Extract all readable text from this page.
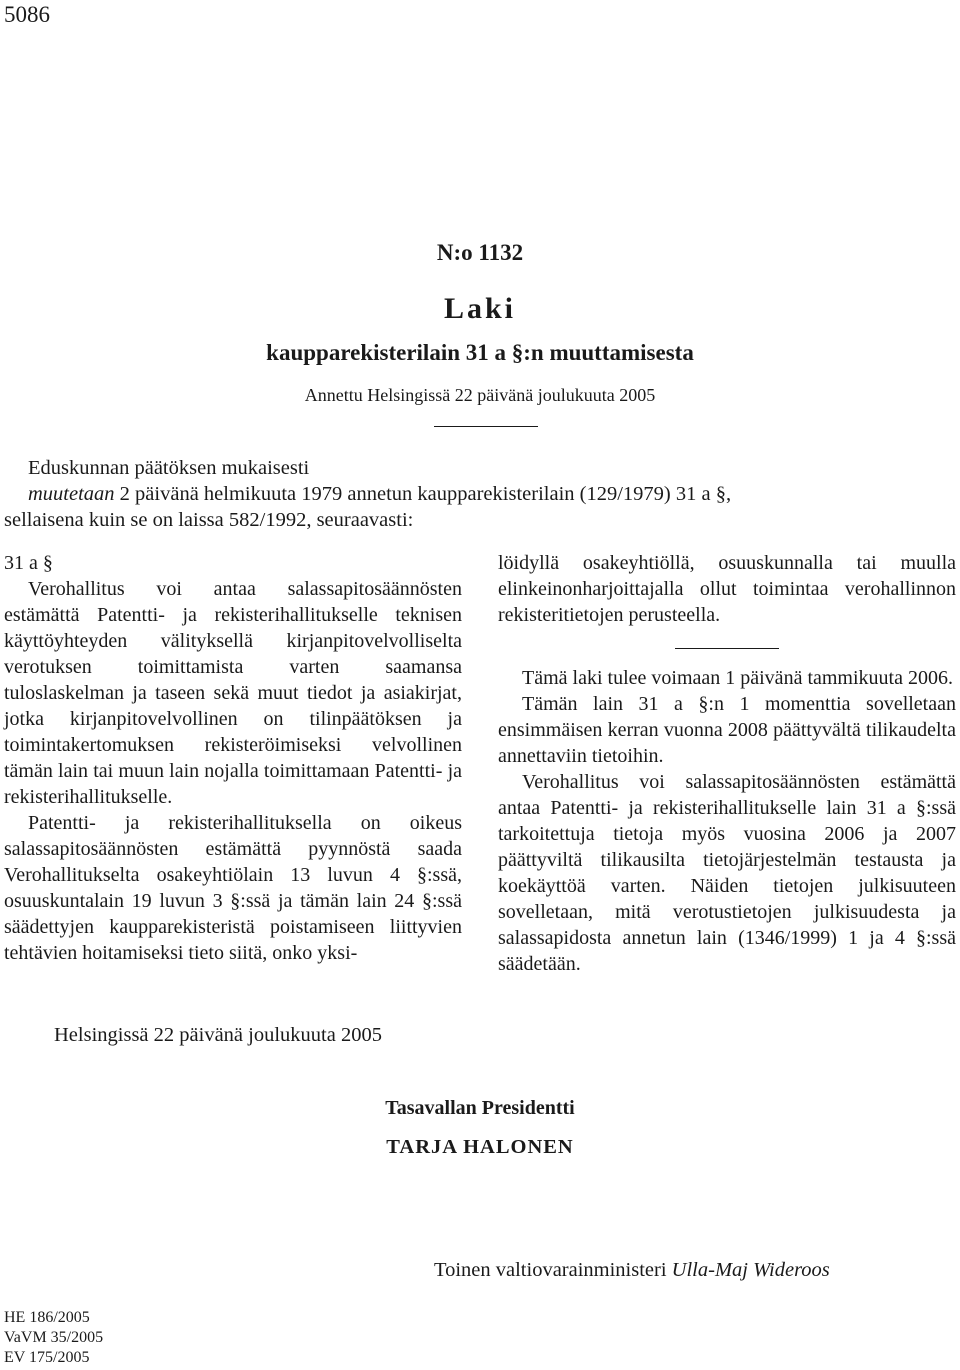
5086
N:o 1132
Laki
kaupparekisterilain 31 a §:n muuttamisesta
Annettu Helsingissä 22 päivänä joulukuuta 2005
Eduskunnan päätöksen mukaisesti
muutetaan 2 päivänä helmikuuta 1979 annetun kaupparekisterilain (129/1979) 31 a §,
sellaisena kuin se on laissa 582/1992, seuraavasti:

31 a §

Verohallitus voi antaa salassapitosäännösten estämättä Patentti- ja rekisterihallitukselle teknisen käyttöyhteyden välityksellä kirjanpitovelvolliselta verotuksen toimittamista varten saamansa tuloslaskelman ja taseen sekä muut tiedot ja asiakirjat, jotka kirjanpitovelvollinen on tilinpäätöksen ja toimintakertomuksen rekisteröimiseksi velvollinen tämän lain tai muun lain nojalla toimittamaan Patentti- ja rekisterihallitukselle.

Patentti- ja rekisterihallituksella on oikeus salassapitosäännösten estämättä pyynnöstä saada Verohallitukselta osakeyhtiölain 13 luvun 4 §:ssä, osuuskuntalain 19 luvun 3 §:ssä ja tämän lain 24 §:ssä säädettyjen kaupparekisteristä poistamiseen liittyvien tehtävien hoitamiseksi tieto siitä, onko yksi-

löidyllä osakeyhtiöllä, osuuskunnalla tai muulla elinkeinonharjoittajalla ollut toimintaa verohallinnon rekisteritietojen perusteella.

Tämä laki tulee voimaan 1 päivänä tammikuuta 2006.

Tämän lain 31 a §:n 1 momenttia sovelletaan ensimmäisen kerran vuonna 2008 päättyvältä tilikaudelta annettaviin tietoihin.

Verohallitus voi salassapitosäännösten estämättä antaa Patentti- ja rekisterihallitukselle lain 31 a §:ssä tarkoitettuja tietoja myös vuosina 2006 ja 2007 päättyviltä tilikausilta tietojärjestelmän testausta ja koekäyttöä varten. Näiden tietojen julkisuuteen sovelletaan, mitä verotustietojen julkisuudesta ja salassapidosta annetun lain (1346/1999) 1 ja 4 §:ssä säädetään.

Helsingissä 22 päivänä joulukuuta 2005
Tasavallan Presidentti
TARJA HALONEN
Toinen valtiovarainministeri Ulla-Maj Wideroos
HE 186/2005
VaVM 35/2005
EV 175/2005
